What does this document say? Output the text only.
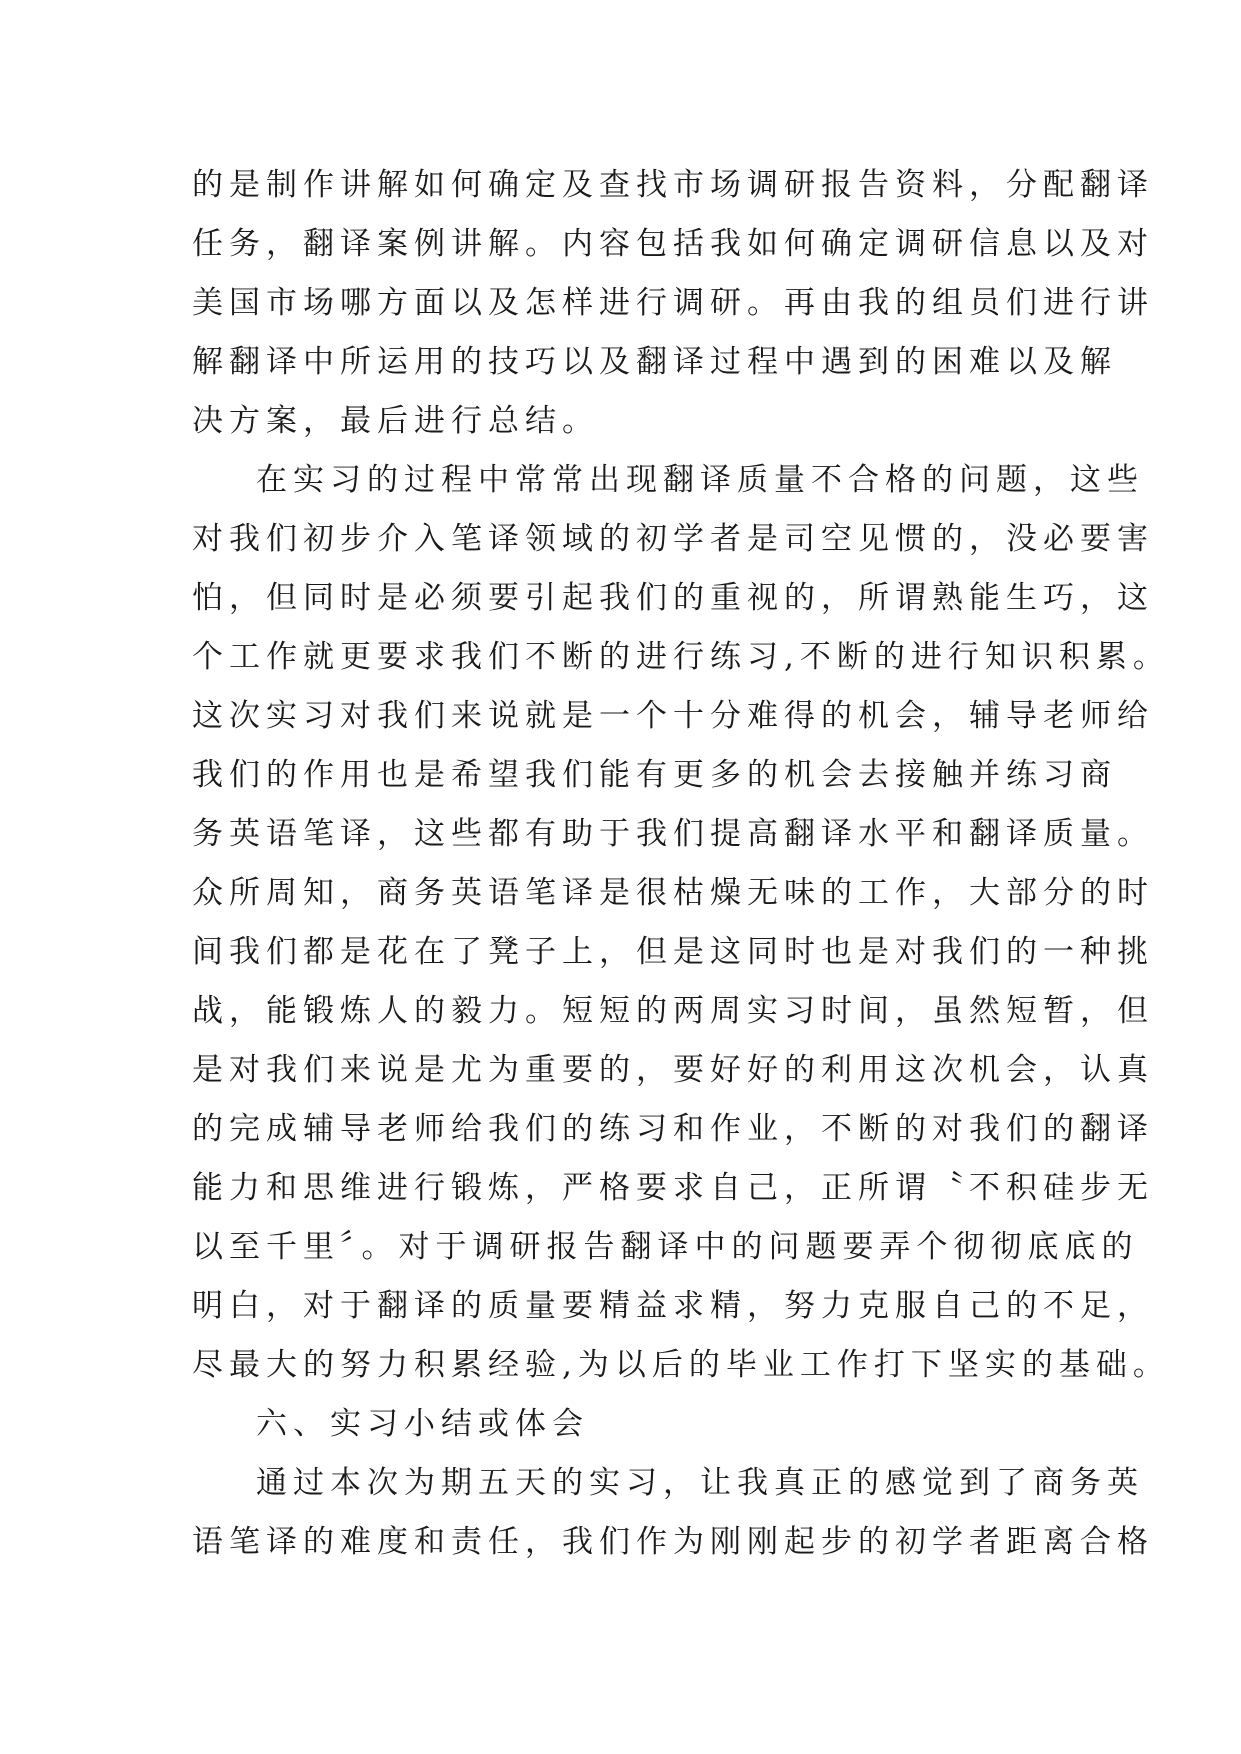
的是制作讲解如何确定及查找市场调研报告资料，分配翻译
任务，翻译案例讲解。内容包括我如何确定调研信息以及对
美国市场哪方面以及怎样进行调研。再由我的组员们进行讲
解翻译中所运用的技巧以及翻译过程中遇到的困难以及解
决方案，最后进行总结。
在实习的过程中常常出现翻译质量不合格的问题，这些
对我们初步介入笔译领域的初学者是司空见惯的，没必要害
怕，但同时是必须要引起我们的重视的，所谓熟能生巧，这
个工作就更要求我们不断的进行练习,不断的进行知识积累。
这次实习对我们来说就是一个十分难得的机会，辅导老师给
我们的作用也是希望我们能有更多的机会去接触并练习商
务英语笔译，这些都有助于我们提高翻译水平和翻译质量。
众所周知，商务英语笔译是很枯燥无味的工作，大部分的时
间我们都是花在了凳子上，但是这同时也是对我们的一种挑
战，能锻炼人的毅力。短短的两周实习时间，虽然短暂，但
是对我们来说是尤为重要的，要好好的利用这次机会，认真
的完成辅导老师给我们的练习和作业，不断的对我们的翻译
能力和思维进行锻炼，严格要求自己，正所谓〝不积硅步无
以至千里〞。对于调研报告翻译中的问题要弄个彻彻底底的
明白，对于翻译的质量要精益求精，努力克服自己的不足，
尽最大的努力积累经验,为以后的毕业工作打下坚实的基础。
六、实习小结或体会
通过本次为期五天的实习，让我真正的感觉到了商务英
语笔译的难度和责任，我们作为刚刚起步的初学者距离合格
